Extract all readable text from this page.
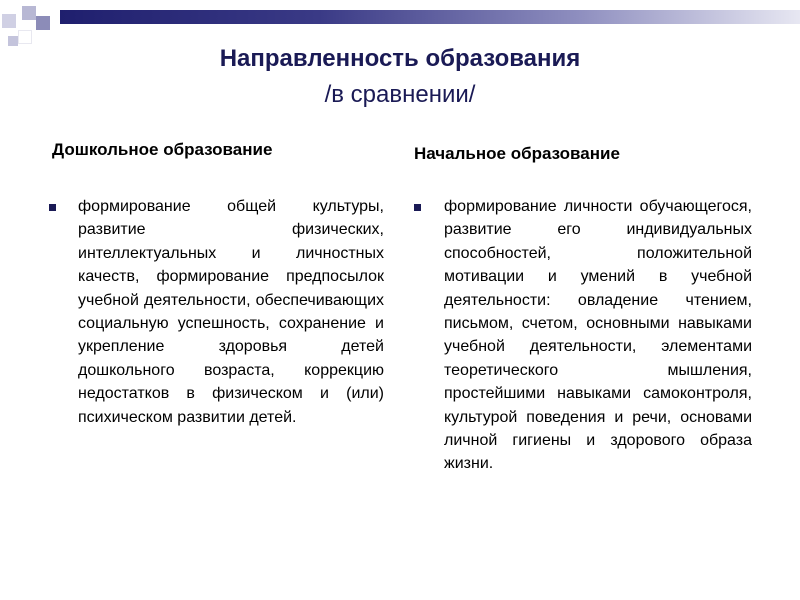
Направленность образования
/в сравнении/
Дошкольное образование	Начальное образование
формирование общей культуры, развитие физических, интеллектуальных и личностных качеств, формирование предпосылок учебной деятельности, обеспечивающих социальную успешность, сохранение и укрепление здоровья детей дошкольного возраста, коррекцию недостатков в физическом и (или) психическом развитии детей.
формирование личности обучающегося, развитие его индивидуальных способностей, положительной мотивации и умений в учебной деятельности: овладение чтением, письмом, счетом, основными навыками учебной деятельности, элементами теоретического мышления, простейшими навыками самоконтроля, культурой поведения и речи, основами личной гигиены и здорового образа жизни.
